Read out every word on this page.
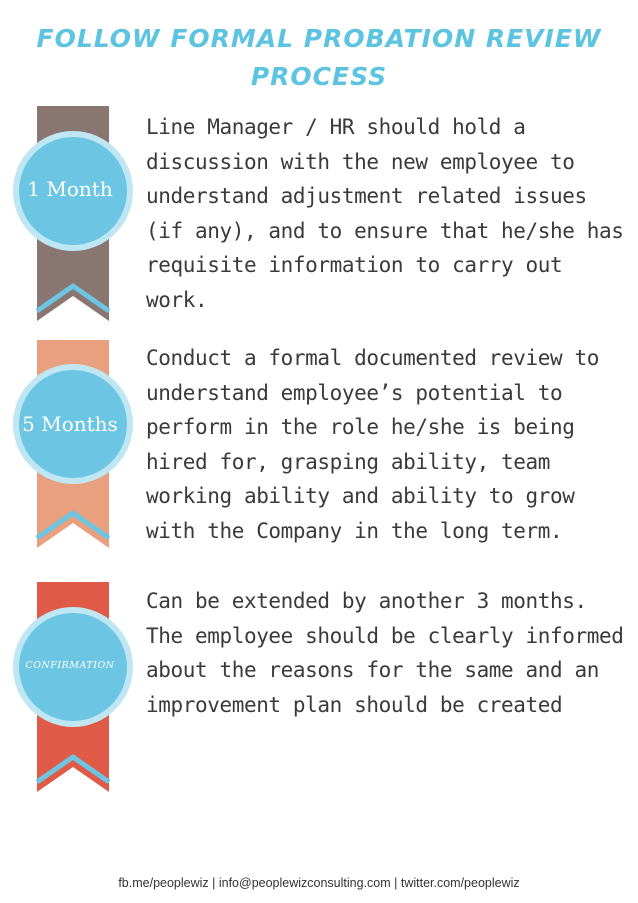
FOLLOW FORMAL PROBATION REVIEW PROCESS
1 Month

Line Manager / HR should hold a discussion with the new employee to understand adjustment related issues (if any), and to ensure that he/she has requisite information to carry out work.

5 Months

Conduct a formal documented review to understand employee’s potential to perform in the role he/she is being hired for, grasping ability, team working ability and ability to grow with the Company in the long term.

CONFIRMATION

Can be extended by another 3 months. The employee should be clearly informed about the reasons for the same and an improvement plan should be created

fb.me/peoplewiz | info@peoplewizconsulting.com | twitter.com/peoplewiz
